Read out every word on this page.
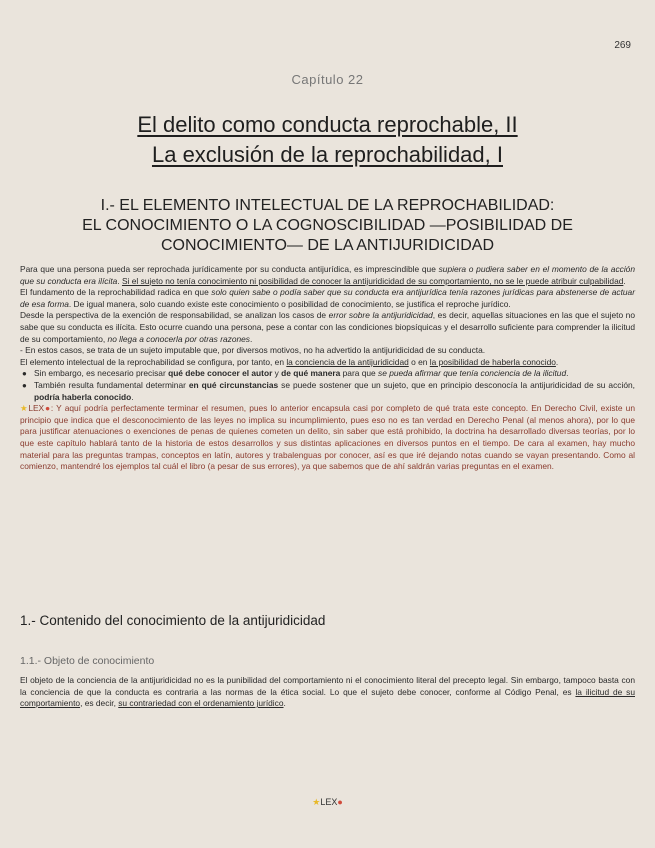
269
Capítulo 22
El delito como conducta reprochable, II
La exclusión de la reprochabilidad, I
I.- EL ELEMENTO INTELECTUAL DE LA REPROCHABILIDAD:
EL CONOCIMIENTO O LA COGNOSCIBILIDAD —POSIBILIDAD DE
CONOCIMIENTO— DE LA ANTIJURIDICIDAD

Para que una persona pueda ser reprochada jurídicamente por su conducta antijurídica, es imprescindible que supiera o pudiera saber en el momento de la acción que su conducta era ilícita. Si el sujeto no tenía conocimiento ni posibilidad de conocer la antijuridicidad de su comportamiento, no se le puede atribuir culpabilidad.

El fundamento de la reprochabilidad radica en que solo quien sabe o podía saber que su conducta era antijurídica tenía razones jurídicas para abstenerse de actuar de esa forma. De igual manera, solo cuando existe este conocimiento o posibilidad de conocimiento, se justifica el reproche jurídico.

Desde la perspectiva de la exención de responsabilidad, se analizan los casos de error sobre la antijuridicidad, es decir, aquellas situaciones en las que el sujeto no sabe que su conducta es ilícita. Esto ocurre cuando una persona, pese a contar con las condiciones biopsíquicas y el desarrollo suficiente para comprender la ilicitud de su comportamiento, no llega a conocerla por otras razones.

- En estos casos, se trata de un sujeto imputable que, por diversos motivos, no ha advertido la antijuridicidad de su conducta.

El elemento intelectual de la reprochabilidad se configura, por tanto, en la conciencia de la antijuridicidad o en la posibilidad de haberla conocido.

● Sin embargo, es necesario precisar qué debe conocer el autor y de qué manera para que se pueda afirmar que tenía conciencia de la ilicitud.

● También resulta fundamental determinar en qué circunstancias se puede sostener que un sujeto, que en principio desconocía la antijuridicidad de su acción, podría haberla conocido.

★LEX●: Y aquí podría perfectamente terminar el resumen, pues lo anterior encapsula casi por completo de qué trata este concepto. En Derecho Civil, existe un principio que indica que el desconocimiento de las leyes no implica su incumplimiento, pues eso no es tan verdad en Derecho Penal (al menos ahora), por lo que para justificar atenuaciones o exenciones de penas de quienes cometen un delito, sin saber que está prohibido, la doctrina ha desarrollado diversas teorías, por lo que este capítulo hablará tanto de la historia de estos desarrollos y sus distintas aplicaciones en diversos puntos en el tiempo. De cara al examen, hay mucho material para las preguntas trampas, conceptos en latín, autores y trabalenguas por conocer, así es que iré dejando notas cuando se vayan presentando. Como al comienzo, mantendré los ejemplos tal cuál el libro (a pesar de sus errores), ya que sabemos que de ahí saldrán varias preguntas en el examen.

1.- Contenido del conocimiento de la antijuridicidad
1.1.- Objeto de conocimiento
El objeto de la conciencia de la antijuridicidad no es la punibilidad del comportamiento ni el conocimiento literal del precepto legal. Sin embargo, tampoco basta con la conciencia de que la conducta es contraria a las normas de la ética social. Lo que el sujeto debe conocer, conforme al Código Penal, es la ilicitud de su comportamiento, es decir, su contrariedad con el ordenamiento jurídico.
★LEX●
